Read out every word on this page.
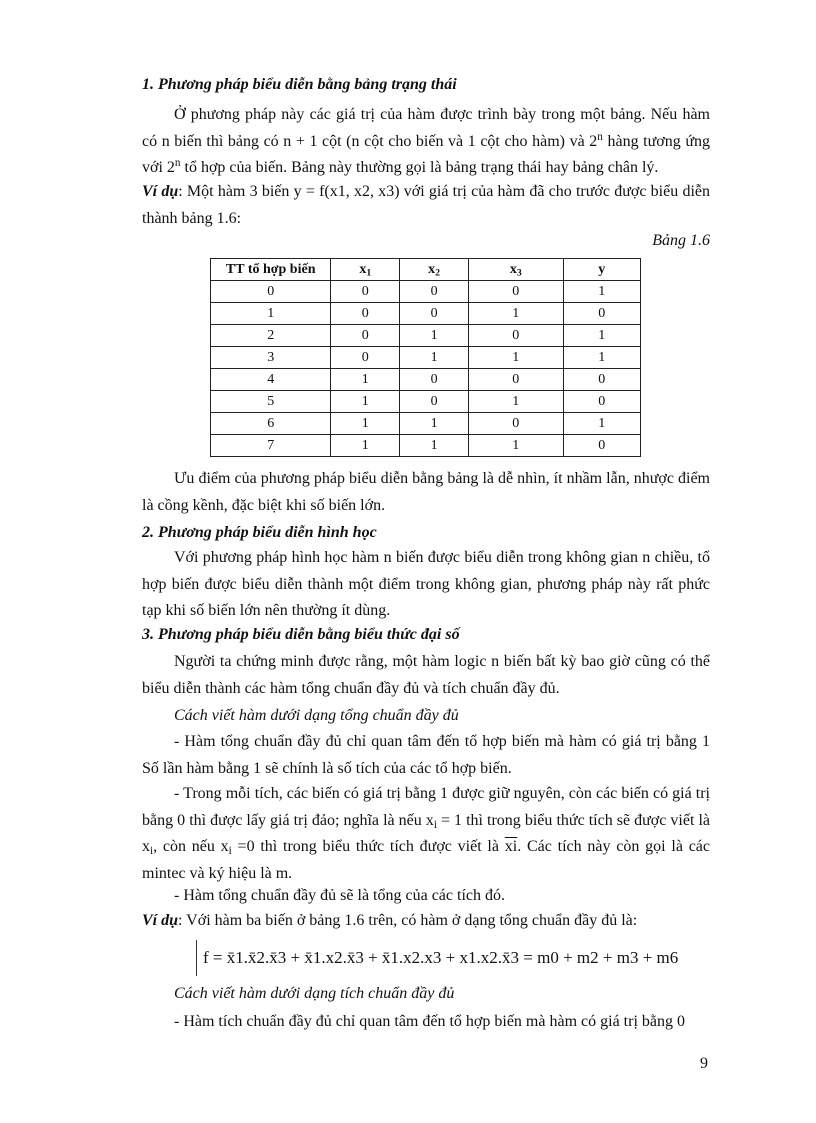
1. Phương pháp biểu diễn bằng bảng trạng thái

Ở phương pháp này các giá trị của hàm được trình bày trong một bảng. Nếu hàm có n biến thì bảng có n + 1 cột (n cột cho biến và 1 cột cho hàm) và 2$^n$ hàng tương ứng với 2$^n$ tổ hợp của biến. Bảng này thường gọi là bảng trạng thái hay bảng chân lý.

Ví dụ: Một hàm 3 biến y = f(x1, x2, x3) với giá trị của hàm đã cho trước được biểu diễn thành bảng 1.6:

Bảng 1.6
TT tổ hợp biến	$x_1$	$x_2$	$x_3$	y
0	0	0	0	1
1	0	0	1	0
2	0	1	0	1
3	0	1	1	1
4	1	0	0	0
5	1	0	1	0
6	1	1	0	1
7	1	1	1	0

Ưu điểm của phương pháp biểu diễn bằng bảng là dễ nhìn, ít nhầm lẫn, nhược điểm là cồng kềnh, đặc biệt khi số biến lớn.

2. Phương pháp biểu diễn hình học

Với phương pháp hình học hàm n biến được biểu diễn trong không gian n chiều, tổ hợp biến được biểu diễn thành một điểm trong không gian, phương pháp này rất phức tạp khi số biến lớn nên thường ít dùng.

3. Phương pháp biểu diễn bằng biểu thức đại số

Người ta chứng minh được rằng, một hàm logic n biến bất kỳ bao giờ cũng có thể biểu diễn thành các hàm tổng chuẩn đầy đủ và tích chuẩn đầy đủ.

Cách viết hàm dưới dạng tổng chuẩn đầy đủ

- Hàm tổng chuẩn đầy đủ chỉ quan tâm đến tổ hợp biến mà hàm có giá trị bằng 1 Số lần hàm bằng 1 sẽ chính là số tích của các tổ hợp biến.

- Trong mỗi tích, các biến có giá trị bằng 1 được giữ nguyên, còn các biến có giá trị bằng 0 thì được lấy giá trị đảo; nghĩa là nếu $x_i = 1$ thì trong biểu thức tích sẽ được viết là $x_i$, còn nếu $x_i =0$ thì trong biểu thức tích được viết là $\overline{xi}$. Các tích này còn gọi là các mintec và ký hiệu là m.

- Hàm tổng chuẩn đầy đủ sẽ là tổng của các tích đó.

Ví dụ: Với hàm ba biến ở bảng 1.6 trên, có hàm ở dạng tổng chuẩn đầy đủ là:

f = x̄1.x̄2.x̄3 + x̄1.x2.x̄3 + x̄1.x2.x3 + x1.x2.x̄3 = m0 + m2 + m3 + m6
Cách viết hàm dưới dạng tích chuẩn đầy đủ
- Hàm tích chuẩn đầy đủ chỉ quan tâm đến tổ hợp biến mà hàm có giá trị bằng 0
9
